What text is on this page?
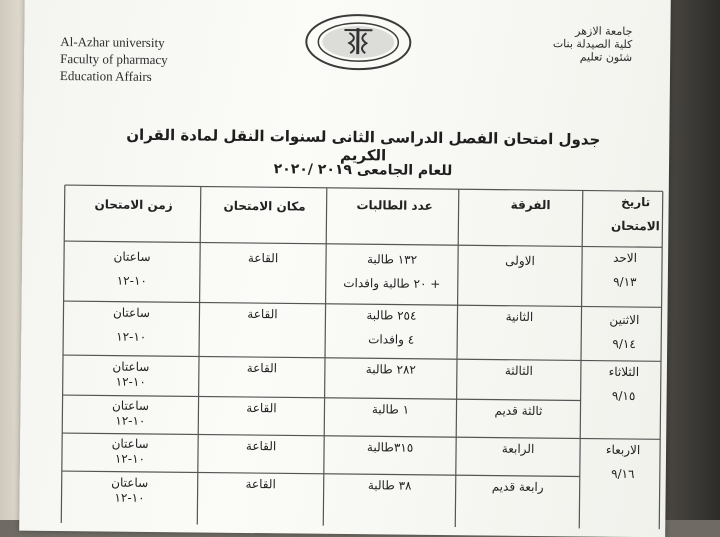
Al-Azhar university
Faculty of pharmacy
Education Affairs
جامعة الازهر
كلية الصيدلة بنات
شئون تعليم
جدول امتحان الفصل الدراسى الثانى لسنوات النقل لمادة القران الكريم
للعام الجامعى ٢٠١٩ /٢٠٢٠
تاريخ
الامتحان
الفرقة
عدد الطالبات
مكان الامتحان
زمن الامتحان
الاحد
٩/١٣
الاثنين
٩/١٤
الثلاثاء
٩/١٥
الاربعاء
٩/١٦
الاولى
١٣٢ طالبة
+ ٢٠ طالبة وافدات
القاعة
ساعتان
١٠-١٢
الثانية
٢٥٤ طالبة
٤ وافدات
القاعة
ساعتان
١٠-١٢
الثالثة
٢٨٢ طالبة
القاعة
ساعتان
١٠-١٢
ثالثة قديم
١ طالبة
القاعة
ساعتان
١٠-١٢
الرابعة
٣١٥طالبة
القاعة
ساعتان
١٠-١٢
رابعة قديم
٣٨ طالبة
القاعة
ساعتان
١٠-١٢
